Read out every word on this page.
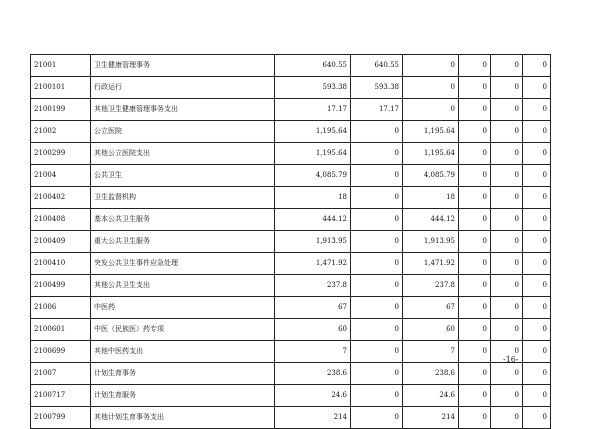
21001	卫生健康管理事务	640.55	640.55	0	0	0	0
2100101	行政运行	593.38	593.38	0	0	0	0
2100199	其他卫生健康管理事务支出	17.17	17.17	0	0	0	0
21002	公立医院	1,195.64	0	1,195.64	0	0	0
2100299	其他公立医院支出	1,195.64	0	1,195.64	0	0	0
21004	公共卫生	4,085.79	0	4,085.79	0	0	0
2100402	卫生监督机构	18	0	18	0	0	0
2100408	基本公共卫生服务	444.12	0	444.12	0	0	0
2100409	重大公共卫生服务	1,913.95	0	1,913.95	0	0	0
2100410	突发公共卫生事件应急处理	1,471.92	0	1,471.92	0	0	0
2100499	其他公共卫生支出	237.8	0	237.8	0	0	0
21006	中医药	67	0	67	0	0	0
2100601	中医（民族医）药专项	60	0	60	0	0	0
2100699	其他中医药支出	7	0	7	0	0	0
21007	计划生育事务	238.6	0	238.6	0	0	0
2100717	计划生育服务	24.6	0	24.6	0	0	0
2100799	其他计划生育事务支出	214	0	214	0	0	0
-16-
